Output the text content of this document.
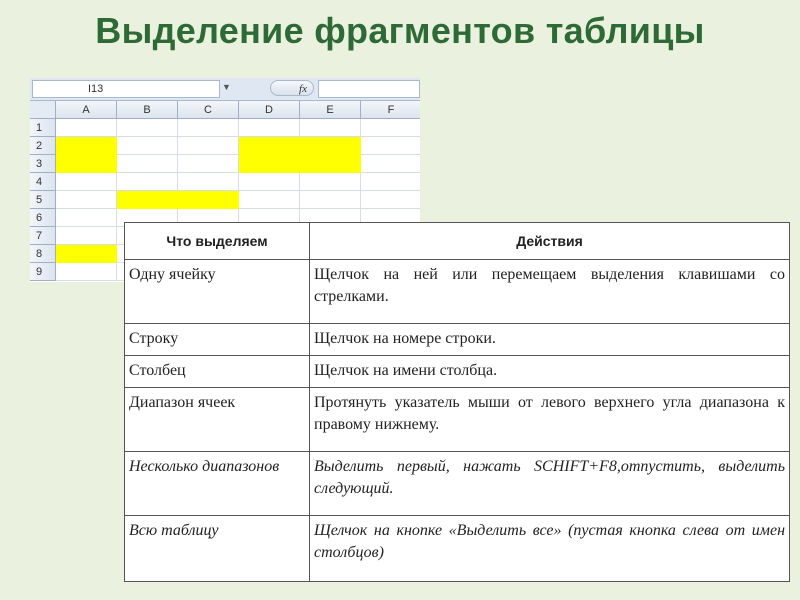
Выделение фрагментов таблицы
I13	▼	fx
A	B	C	D	E	F
1
2
3
4
5
6
7
8
9
Что выделяем	Действия
Одну ячейку	Щелчок на ней или перемещаем выделения клавишами со стрелками.
Строку	Щелчок на номере строки.
Столбец	Щелчок на имени столбца.
Диапазон ячеек	Протянуть указатель мыши от левого верхнего угла диапазона к правому нижнему.
Несколько диапазонов	Выделить первый, нажать SCHIFT+F8,отпустить, выделить следующий.
Всю таблицу	Щелчок на кнопке «Выделить все» (пустая кнопка слева от имен столбцов)
